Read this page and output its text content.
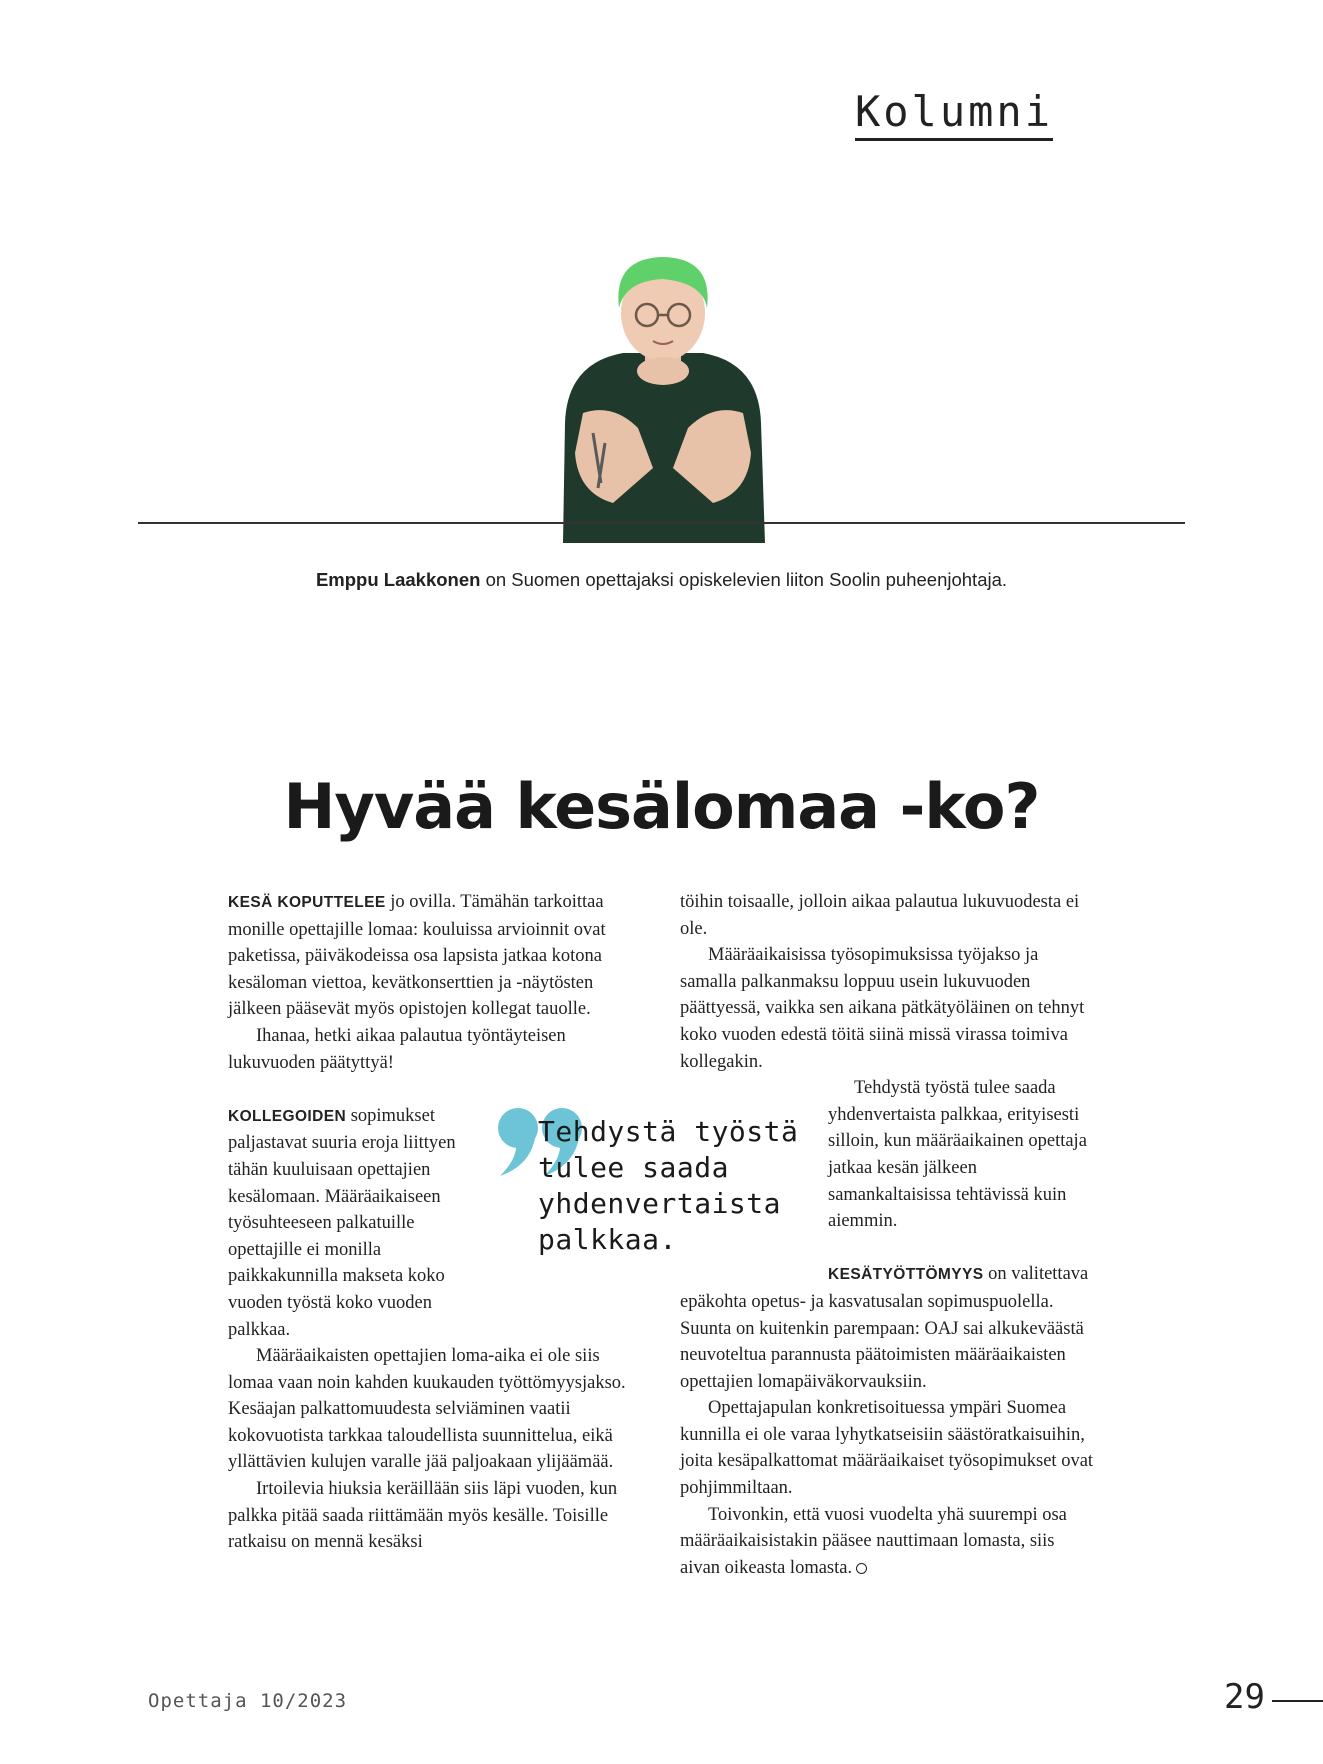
Kolumni
Emppu Laakkonen on Suomen opettajaksi opiskelevien liiton Soolin puheenjohtaja.
Hyvää kesälomaa -ko?

KESÄ KOPUTTELEE jo ovilla. Tämähän tarkoittaa monille opettajille lomaa: kouluissa arvioinnit ovat paketissa, päiväkodeissa osa lapsista jatkaa kotona kesäloman viettoa, kevätkonserttien ja -näytösten jälkeen pääsevät myös opistojen kollegat tauolle.

Ihanaa, hetki aikaa palautua työntäyteisen lukuvuoden päätyttyä!

KOLLEGOIDEN sopimukset paljastavat suuria eroja liittyen tähän kuuluisaan opettajien kesälomaan. Määräaikaiseen työsuhteeseen palkatuille opettajille ei monilla paikkakunnilla makseta koko vuoden työstä koko vuoden palkkaa.

Määräaikaisten opettajien loma-aika ei ole siis lomaa vaan noin kahden kuukauden työttömyysjakso. Kesäajan palkattomuudesta selviäminen vaatii kokovuotista tarkkaa taloudellista suunnittelua, eikä yllättävien kulujen varalle jää paljoakaan ylijäämää.

Irtoilevia hiuksia keräillään siis läpi vuoden, kun palkka pitää saada riittämään myös kesälle. Toisille ratkaisu on mennä kesäksi

Tehdystä työstä tulee saada yhdenvertaista palkkaa.

töihin toisaalle, jolloin aikaa palautua lukuvuodesta ei ole.

Määräaikaisissa työsopimuksissa työjakso ja samalla palkanmaksu loppuu usein lukuvuoden päättyessä, vaikka sen aikana pätkätyöläinen on tehnyt koko vuoden edestä töitä siinä missä virassa toimiva kollegakin.

Tehdystä työstä tulee saada yhdenvertaista palkkaa, erityisesti silloin, kun määräaikainen opettaja jatkaa kesän jälkeen samankaltaisissa tehtävissä kuin aiemmin.

KESÄTYÖTTÖMYYS on valitettava epäkohta opetus- ja kasvatusalan sopimuspuolella. Suunta on kuitenkin parempaan: OAJ sai alkukeväästä neuvoteltua parannusta päätoimisten määräaikaisten opettajien lomapäiväkorvauksiin.

Opettajapulan konkretisoituessa ympäri Suomea kunnilla ei ole varaa lyhytkatseisiin säästöratkaisuihin, joita kesäpalkattomat määräaikaiset työsopimukset ovat pohjimmiltaan.

Toivonkin, että vuosi vuodelta yhä suurempi osa määräaikaisistakin pääsee nauttimaan lomasta, siis aivan oikeasta lomasta.

Opettaja 10/2023	29
